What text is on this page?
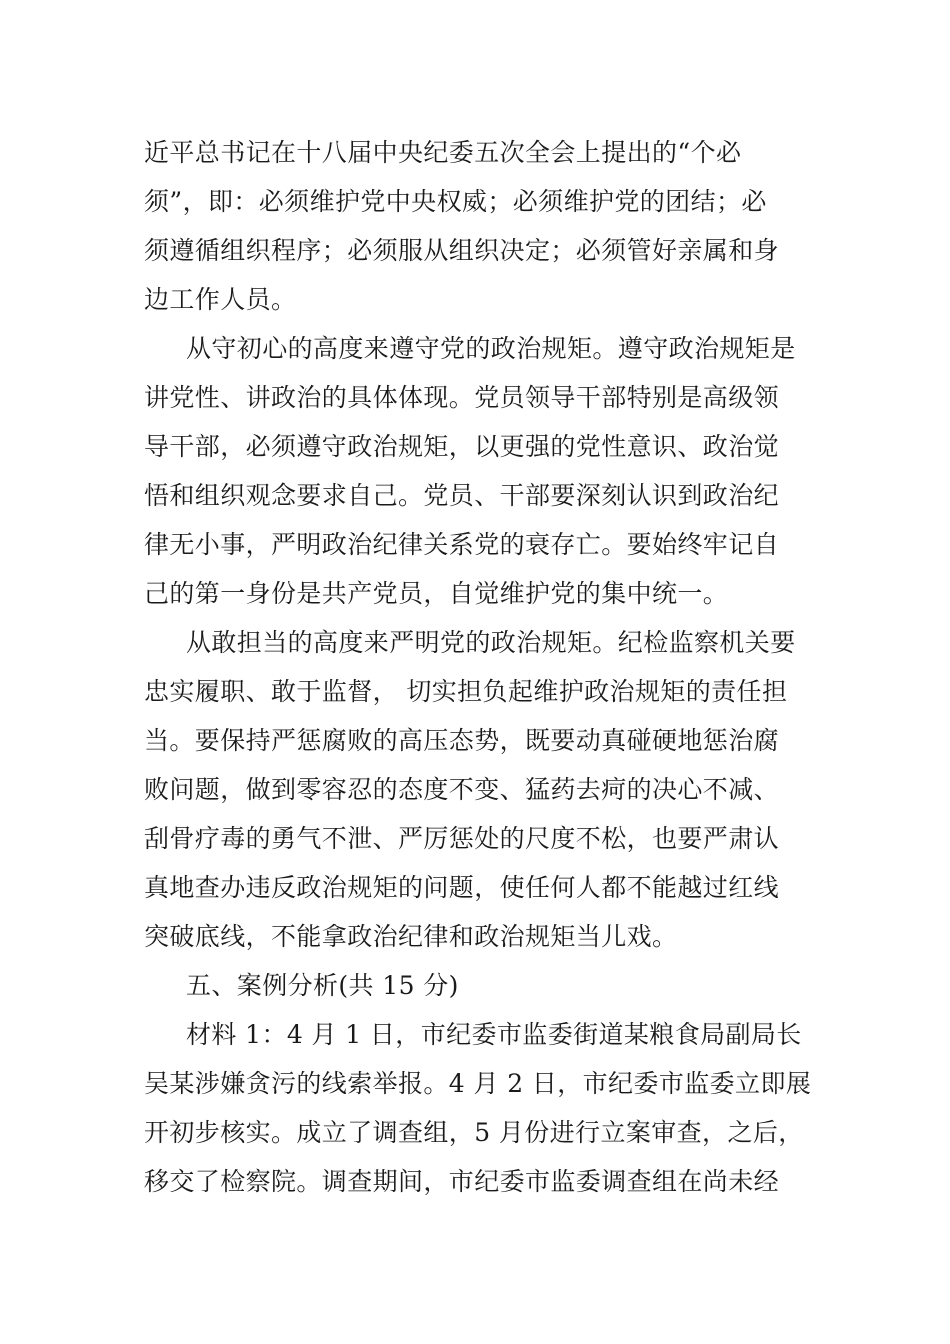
近平总书记在十八届中央纪委五次全会上提出的“个必
须”，即：必须维护党中央权威；必须维护党的团结；必
须遵循组织程序；必须服从组织决定；必须管好亲属和身
边工作人员。
从守初心的高度来遵守党的政治规矩。遵守政治规矩是
讲党性、讲政治的具体体现。党员领导干部特别是高级领
导干部，必须遵守政治规矩，以更强的党性意识、政治觉
悟和组织观念要求自己。党员、干部要深刻认识到政治纪
律无小事，严明政治纪律关系党的衰存亡。要始终牢记自
己的第一身份是共产党员，自觉维护党的集中统一。
从敢担当的高度来严明党的政治规矩。纪检监察机关要
忠实履职、敢于监督， 切实担负起维护政治规矩的责任担
当。要保持严惩腐败的高压态势，既要动真碰硬地惩治腐
败问题，做到零容忍的态度不变、猛药去疴的决心不减、
刮骨疗毒的勇气不泄、严厉惩处的尺度不松，也要严肃认
真地查办违反政治规矩的问题，使任何人都不能越过红线
突破底线，不能拿政治纪律和政治规矩当儿戏。
五、案例分析(共 15 分)
材料 1：4 月 1 日，市纪委市监委街道某粮食局副局长
吴某涉嫌贪污的线索举报。4 月 2 日，市纪委市监委立即展
开初步核实。成立了调查组，5 月份进行立案审查，之后，
移交了检察院。调查期间，市纪委市监委调查组在尚未经
